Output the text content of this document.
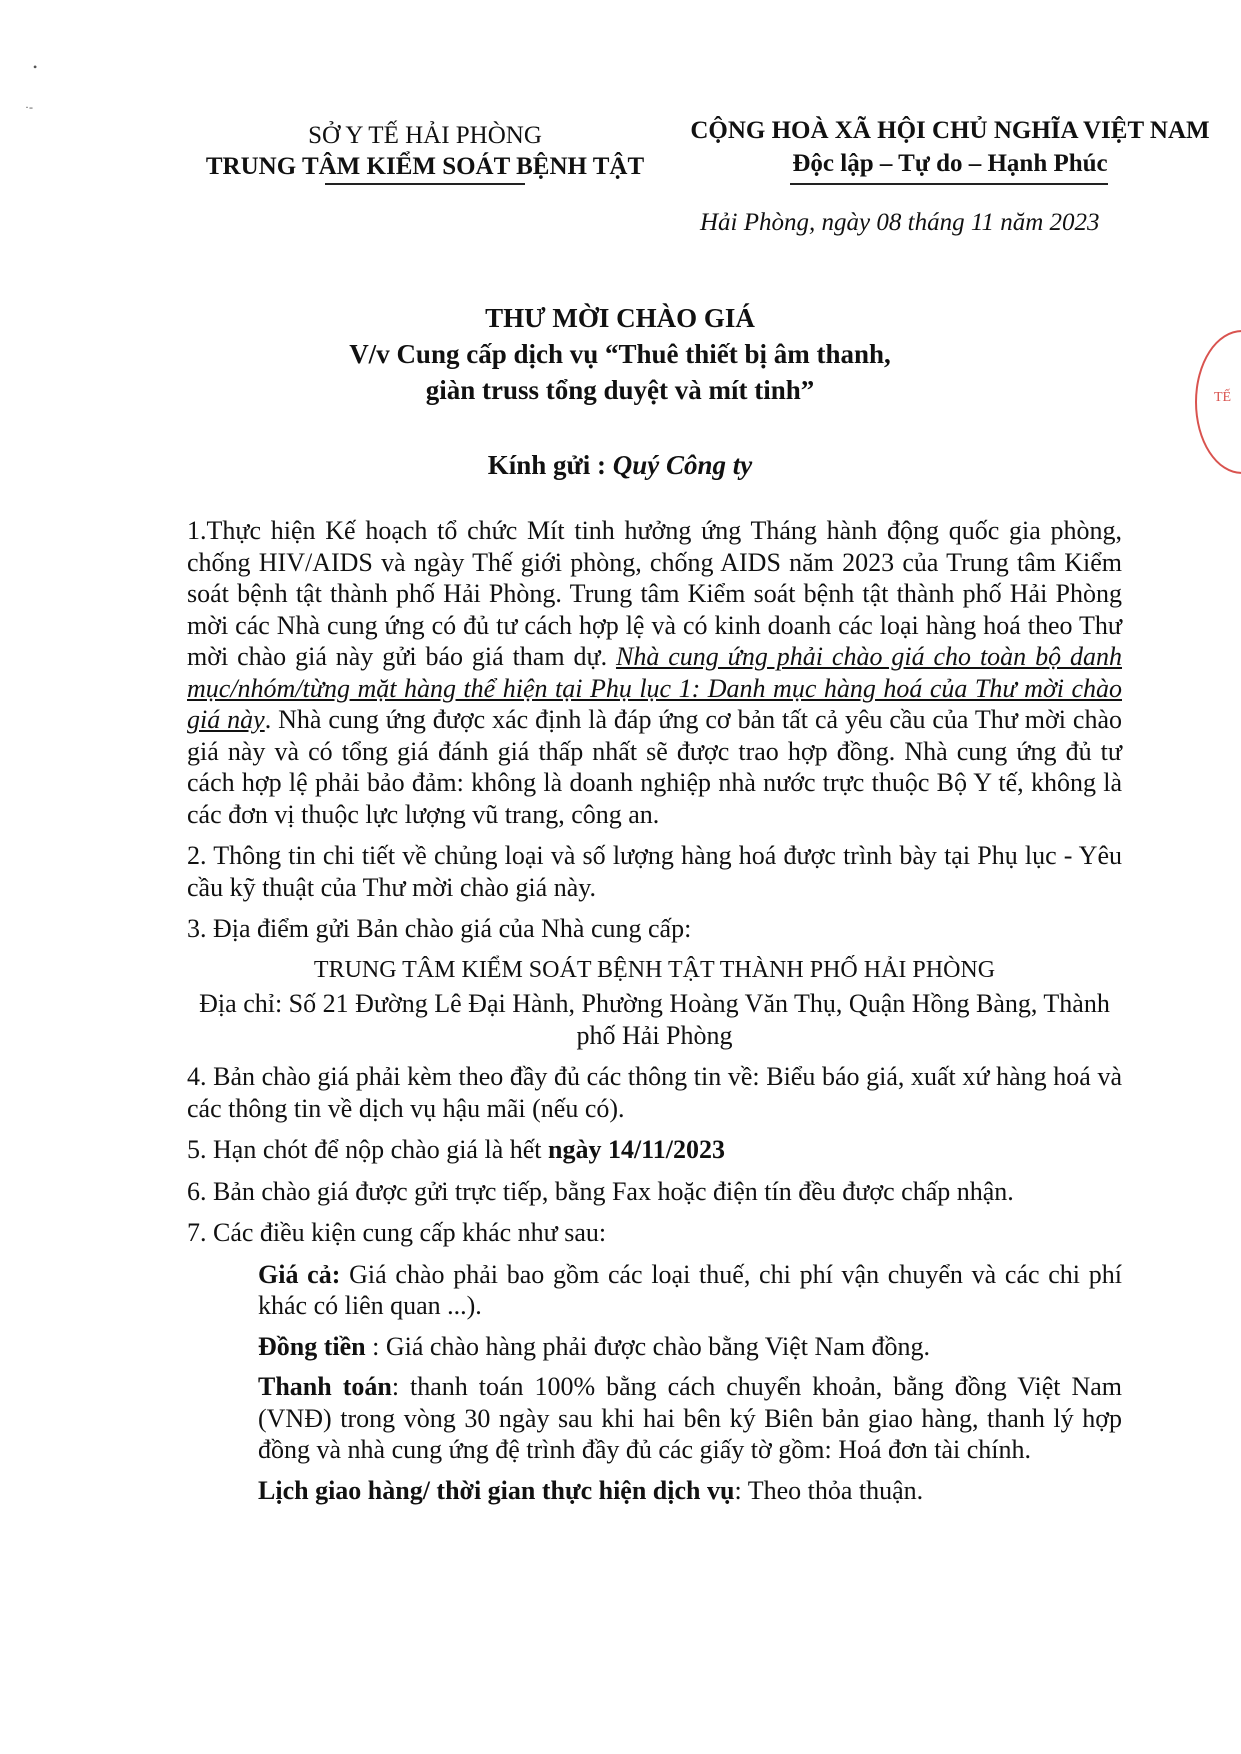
•
·-
SỞ Y TẾ HẢI PHÒNG
TRUNG TÂM KIỂM SOÁT BỆNH TẬT
CỘNG HOÀ XÃ HỘI CHỦ NGHĨA VIỆT NAM
Độc lập – Tự do – Hạnh Phúc
Hải Phòng, ngày 08 tháng 11 năm 2023
THƯ MỜI CHÀO GIÁ
V/v Cung cấp dịch vụ “Thuê thiết bị âm thanh,
giàn truss tổng duyệt và mít tinh”
Kính gửi : Quý Công ty

1.Thực hiện Kế hoạch tổ chức Mít tinh hưởng ứng Tháng hành động quốc gia phòng, chống HIV/AIDS và ngày Thế giới phòng, chống AIDS năm 2023 của Trung tâm Kiểm soát bệnh tật thành phố Hải Phòng. Trung tâm Kiểm soát bệnh tật thành phố Hải Phòng mời các Nhà cung ứng có đủ tư cách hợp lệ và có kinh doanh các loại hàng hoá theo Thư mời chào giá này gửi báo giá tham dự. Nhà cung ứng phải chào giá cho toàn bộ danh mục/nhóm/từng mặt hàng thể hiện tại Phụ lục 1: Danh mục hàng hoá của Thư mời chào giá này. Nhà cung ứng được xác định là đáp ứng cơ bản tất cả yêu cầu của Thư mời chào giá này và có tổng giá đánh giá thấp nhất sẽ được trao hợp đồng. Nhà cung ứng đủ tư cách hợp lệ phải bảo đảm: không là doanh nghiệp nhà nước trực thuộc Bộ Y tế, không là các đơn vị thuộc lực lượng vũ trang, công an.

2. Thông tin chi tiết về chủng loại và số lượng hàng hoá được trình bày tại Phụ lục - Yêu cầu kỹ thuật của Thư mời chào giá này.

3. Địa điểm gửi Bản chào giá của Nhà cung cấp:

TRUNG TÂM KIỂM SOÁT BỆNH TẬT THÀNH PHỐ HẢI PHÒNG

Địa chỉ: Số 21 Đường Lê Đại Hành, Phường Hoàng Văn Thụ, Quận Hồng Bàng, Thành phố Hải Phòng

4. Bản chào giá phải kèm theo đầy đủ các thông tin về: Biểu báo giá, xuất xứ hàng hoá và các thông tin về dịch vụ hậu mãi (nếu có).

5. Hạn chót để nộp chào giá là hết ngày 14/11/2023

6. Bản chào giá được gửi trực tiếp, bằng Fax hoặc điện tín đều được chấp nhận.

7. Các điều kiện cung cấp khác như sau:

Giá cả: Giá chào phải bao gồm các loại thuế, chi phí vận chuyển và các chi phí khác có liên quan ...).

Đồng tiền : Giá chào hàng phải được chào bằng Việt Nam đồng.

Thanh toán: thanh toán 100% bằng cách chuyển khoản, bằng đồng Việt Nam (VNĐ) trong vòng 30 ngày sau khi hai bên ký Biên bản giao hàng, thanh lý hợp đồng và nhà cung ứng đệ trình đầy đủ các giấy tờ gồm: Hoá đơn tài chính.

Lịch giao hàng/ thời gian thực hiện dịch vụ: Theo thỏa thuận.

TẾ
